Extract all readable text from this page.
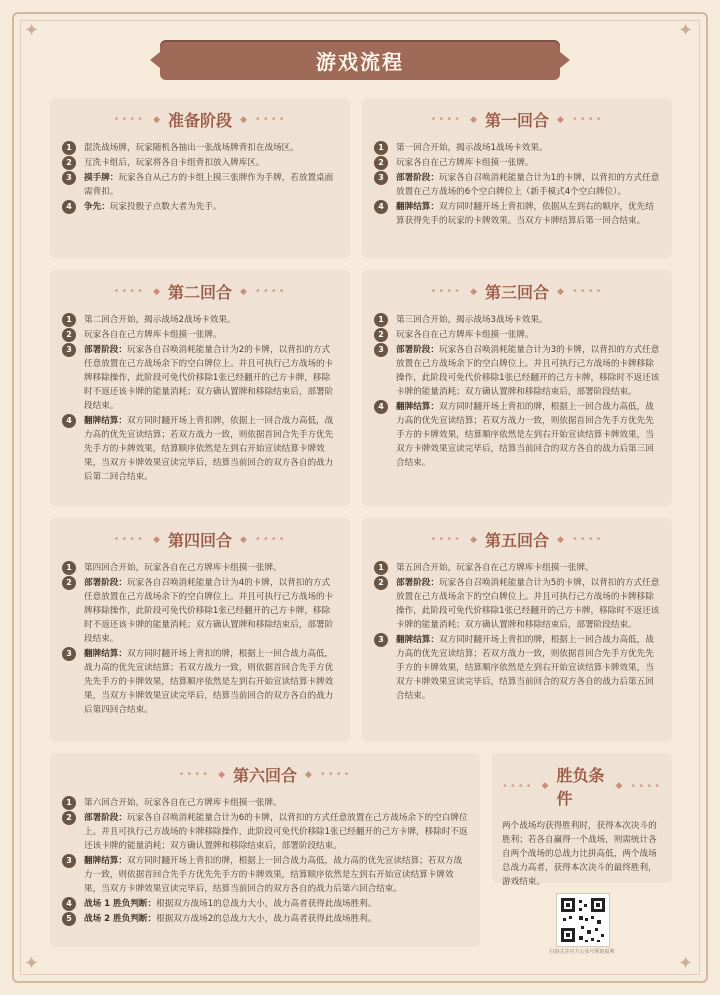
✦	✦
✦	✦
游戏流程
•••• ◆ 准备阶段 ◆ ••••
1	混洗战场牌，玩家随机各抽出一张战场牌背扣在战场区。
2	互洗卡组后，玩家将各自卡组背扣放入牌库区。
3	摸手牌：玩家各自从己方的卡组上摸三张牌作为手牌，若放置桌面需背扣。
4	争先：玩家投骰子点数大者为先手。
•••• ◆ 第一回合 ◆ ••••
1	第一回合开始，揭示战场1战场卡效果。
2	玩家各自在己方牌库卡组摸一张牌。
3	部署阶段：玩家各自召唤消耗能量合计为1的卡牌，以背扣的方式任意放置在己方战场的6个空白牌位上（新手模式4个空白牌位）。
4	翻牌结算：双方同时翻开场上背扣牌，依据从左到右的顺序，优先结算获得先手的玩家的卡牌效果。当双方卡牌结算后第一回合结束。
•••• ◆ 第二回合 ◆ ••••
1	第二回合开始，揭示战场2战场卡效果。
2	玩家各自在己方牌库卡组摸一张牌。
3	部署阶段：玩家各自召唤消耗能量合计为2的卡牌，以背扣的方式任意放置在己方战场余下的空白牌位上。并且可执行己方战场的卡牌移除操作，此阶段可免代价移除1张已经翻开的己方卡牌，移除时不返还该卡牌的能量消耗；双方确认置牌和移除结束后，部署阶段结束。
4	翻牌结算：双方同时翻开场上背扣牌，依据上一回合战力高低，战力高的优先宣读结算；若双方战力一致，则依据首回合先手方优先先手方的卡牌效果，结算顺序依然是左到右开始宣读结算卡牌效果，当双方卡牌效果宣读完毕后，结算当前回合的双方各自的战力后第二回合结束。
•••• ◆ 第三回合 ◆ ••••
1	第三回合开始，揭示战场3战场卡效果。
2	玩家各自在己方牌库卡组摸一张牌。
3	部署阶段：玩家各自召唤消耗能量合计为3的卡牌，以背扣的方式任意放置在己方战场余下的空白牌位上。并且可执行己方战场的卡牌移除操作，此阶段可免代价移除1张已经翻开的己方卡牌，移除时不返还该卡牌的能量消耗；双方确认置牌和移除结束后，部署阶段结束。
4	翻牌结算：双方同时翻开场上背扣的牌，根据上一回合战力高低，战力高的优先宣读结算；若双方战力一致，则依据首回合先手方优先先手方的卡牌效果，结算顺序依然是左到右开始宣读结算卡牌效果，当双方卡牌效果宣读完毕后，结算当前回合的双方各自的战力后第三回合结束。
•••• ◆ 第四回合 ◆ ••••
1	第四回合开始，玩家各自在己方牌库卡组摸一张牌。
2	部署阶段：玩家各自召唤消耗能量合计为4的卡牌，以背扣的方式任意放置在己方战场余下的空白牌位上。并且可执行己方战场的卡牌移除操作，此阶段可免代价移除1张已经翻开的己方卡牌，移除时不返还该卡牌的能量消耗；双方确认置牌和移除结束后，部署阶段结束。
3	翻牌结算：双方同时翻开场上背扣的牌，根据上一回合战力高低，战力高的优先宣读结算；若双方战力一致，则依据首回合先手方优先先手方的卡牌效果，结算顺序依然是左到右开始宣读结算卡牌效果，当双方卡牌效果宣读完毕后，结算当前回合的双方各自的战力后第四回合结束。
•••• ◆ 第五回合 ◆ ••••
1	第五回合开始，玩家各自在己方牌库卡组摸一张牌。
2	部署阶段：玩家各自召唤消耗能量合计为5的卡牌，以背扣的方式任意放置在己方战场余下的空白牌位上。并且可执行己方战场的卡牌移除操作，此阶段可免代价移除1张已经翻开的己方卡牌，移除时不返还该卡牌的能量消耗；双方确认置牌和移除结束后，部署阶段结束。
3	翻牌结算：双方同时翻开场上背扣的牌，根据上一回合战力高低，战力高的优先宣读结算；若双方战力一致，则依据首回合先手方优先先手方的卡牌效果，结算顺序依然是左到右开始宣读结算卡牌效果，当双方卡牌效果宣读完毕后，结算当前回合的双方各自的战力后第五回合结束。
•••• ◆ 第六回合 ◆ ••••
1	第六回合开始，玩家各自在己方牌库卡组摸一张牌。
2	部署阶段：玩家各自召唤消耗能量合计为6的卡牌，以背扣的方式任意放置在己方战场余下的空白牌位上。并且可执行己方战场的卡牌移除操作，此阶段可免代价移除1张已经翻开的己方卡牌，移除时不返还该卡牌的能量消耗；双方确认置牌和移除结束后，部署阶段结束。
3	翻牌结算：双方同时翻开场上背扣的牌，根据上一回合战力高低，战力高的优先宣读结算；若双方战力一致，则依据首回合先手方优先先手方的卡牌效果，结算顺序依然是左到右开始宣读结算卡牌效果，当双方卡牌效果宣读完毕后，结算当前回合的双方各自的战力后第六回合结束。
4	战场 1 胜负判断：根据双方战场1的总战力大小，战力高者获得此战场胜利。
5	战场 2 胜负判断：根据双方战场2的总战力大小，战力高者获得此战场胜利。
•••• ◆
胜负条件
◆ ••••
两个战场均获得胜利时，获得本次决斗的胜利；若各自赢得一个战场，则需统计各自两个战场的总战力比拼高低，两个战场总战力高者，获得本次决斗的最终胜利，游戏结束。
扫码关注官方公众号领取福利
